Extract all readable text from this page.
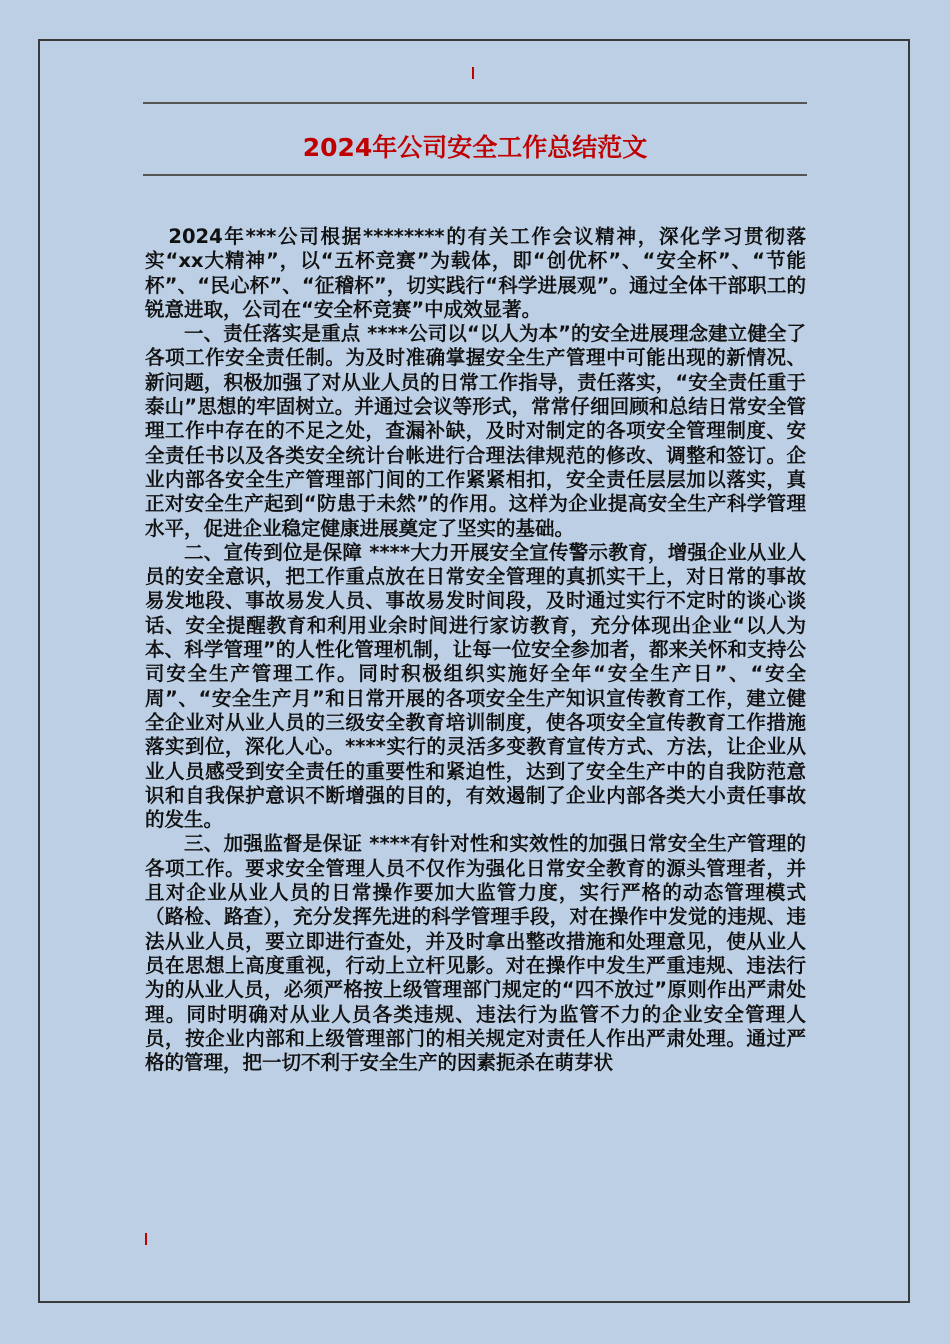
2024年公司安全工作总结范文

2024年***公司根据********的有关工作会议精神，深化学习贯彻落实“xx大精神”，以“五杯竞赛”为载体，即“创优杯”、“安全杯”、“节能杯”、“民心杯”、“征稽杯”，切实践行“科学进展观”。通过全体干部职工的锐意进取，公司在“安全杯竞赛”中成效显著。

一、责任落实是重点 ****公司以“以人为本”的安全进展理念建立健全了各项工作安全责任制。为及时准确掌握安全生产管理中可能出现的新情况、新问题，积极加强了对从业人员的日常工作指导，责任落实，“安全责任重于泰山”思想的牢固树立。并通过会议等形式，常常仔细回顾和总结日常安全管理工作中存在的不足之处，查漏补缺，及时对制定的各项安全管理制度、安全责任书以及各类安全统计台帐进行合理法律规范的修改、调整和签订。企业内部各安全生产管理部门间的工作紧紧相扣，安全责任层层加以落实，真正对安全生产起到“防患于未然”的作用。这样为企业提高安全生产科学管理水平，促进企业稳定健康进展奠定了坚实的基础。

二、宣传到位是保障 ****大力开展安全宣传警示教育，增强企业从业人员的安全意识，把工作重点放在日常安全管理的真抓实干上，对日常的事故易发地段、事故易发人员、事故易发时间段，及时通过实行不定时的谈心谈话、安全提醒教育和利用业余时间进行家访教育，充分体现出企业“以人为本、科学管理”的人性化管理机制，让每一位安全参加者，都来关怀和支持公司安全生产管理工作。同时积极组织实施好全年“安全生产日”、“安全周”、“安全生产月”和日常开展的各项安全生产知识宣传教育工作，建立健全企业对从业人员的三级安全教育培训制度，使各项安全宣传教育工作措施落实到位，深化人心。****实行的灵活多变教育宣传方式、方法，让企业从业人员感受到安全责任的重要性和紧迫性，达到了安全生产中的自我防范意识和自我保护意识不断增强的目的，有效遏制了企业内部各类大小责任事故的发生。

三、加强监督是保证 ****有针对性和实效性的加强日常安全生产管理的各项工作。要求安全管理人员不仅作为强化日常安全教育的源头管理者，并且对企业从业人员的日常操作要加大监管力度，实行严格的动态管理模式（路检、路查），充分发挥先进的科学管理手段，对在操作中发觉的违规、违法从业人员，要立即进行查处，并及时拿出整改措施和处理意见，使从业人员在思想上高度重视，行动上立杆见影。对在操作中发生严重违规、违法行为的从业人员，必须严格按上级管理部门规定的“四不放过”原则作出严肃处理。同时明确对从业人员各类违规、违法行为监管不力的企业安全管理人员，按企业内部和上级管理部门的相关规定对责任人作出严肃处理。通过严格的管理，把一切不利于安全生产的因素扼杀在萌芽状
